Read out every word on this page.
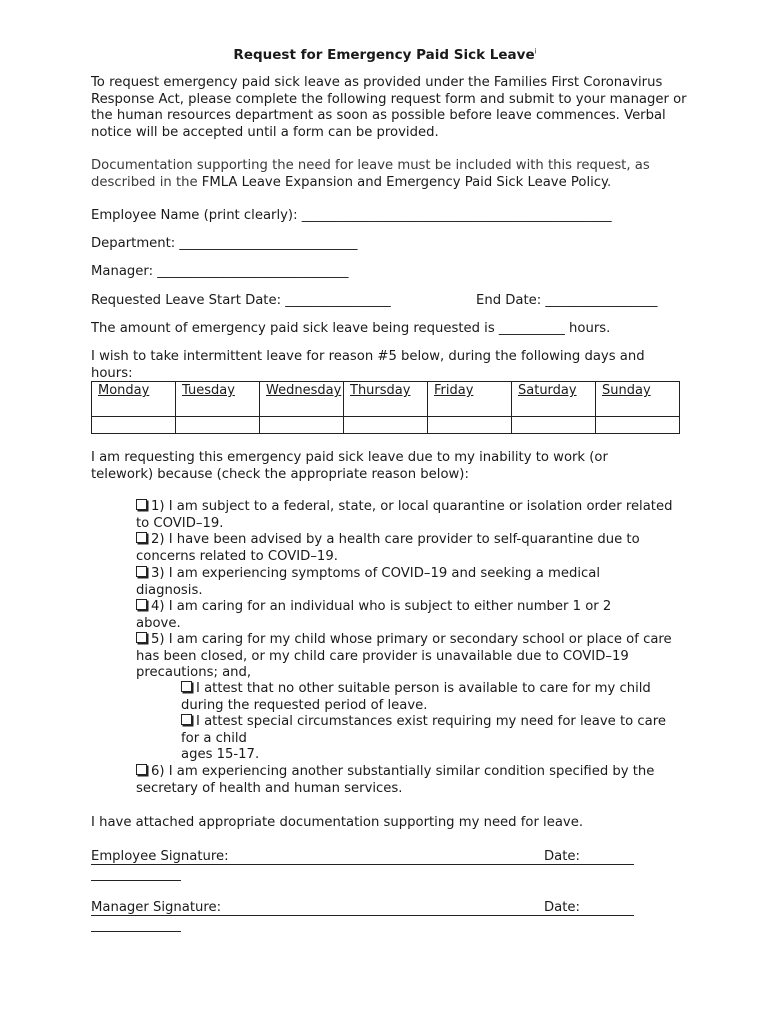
Request for Emergency Paid Sick Leave$^i$
To request emergency paid sick leave as provided under the Families First Coronavirus Response Act, please complete the following request form and submit to your manager or the human resources department as soon as possible before leave commences. Verbal notice will be accepted until a form can be provided.
Documentation supporting the need for leave must be included with this request, as described in the FMLA Leave Expansion and Emergency Paid Sick Leave Policy.
Employee Name (print clearly): _______________________________________________
Department: ___________________________
Manager: _____________________________
Requested Leave Start Date: ________________	End Date: _________________
The amount of emergency paid sick leave being requested is __________ hours.
I wish to take intermittent leave for reason #5 below, during the following days and hours:
Monday	Tuesday	Wednesday	Thursday	Friday	Saturday	Sunday

I am requesting this emergency paid sick leave due to my inability to work (or telework) because (check the appropriate reason below):
1) I am subject to a federal, state, or local quarantine or isolation order related to COVID–19.
2) I have been advised by a health care provider to self-quarantine due to concerns related to COVID–19.
3) I am experiencing symptoms of COVID–19 and seeking a medical diagnosis.
4) I am caring for an individual who is subject to either number 1 or 2 above.
5) I am caring for my child whose primary or secondary school or place of care has been closed, or my child care provider is unavailable due to COVID–19 precautions; and,
I attest that no other suitable person is available to care for my child during the requested period of leave.
I attest special circumstances exist requiring my need for leave to care for a child
ages 15-17.
6) I am experiencing another substantially similar condition specified by the secretary of health and human services.
I have attached appropriate documentation supporting my need for leave.
Employee Signature:	Date:
Manager Signature:	Date:
